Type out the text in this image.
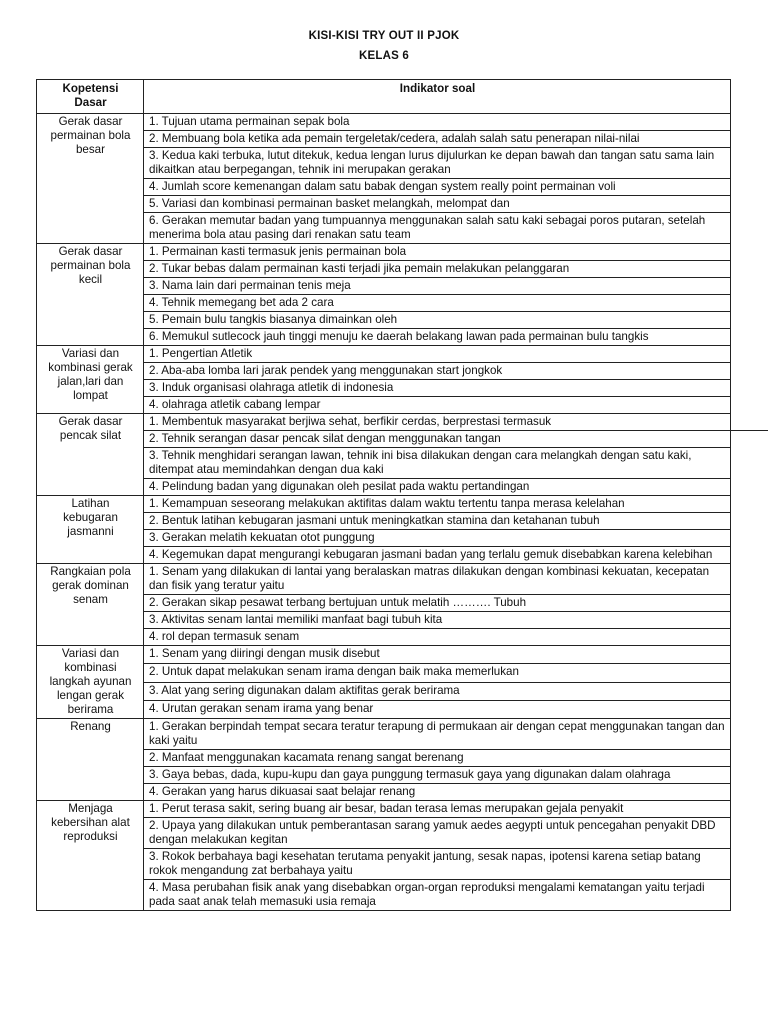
KISI-KISI TRY OUT II PJOK
KELAS 6
Kopetensi
Dasar	Indikator soal
Gerak dasar
permainan bola
besar	1. Tujuan utama permainan sepak bola
	2. Membuang bola ketika ada pemain tergeletak/cedera, adalah salah satu penerapan nilai-nilai
	3. Kedua kaki terbuka, lutut ditekuk, kedua lengan lurus dijulurkan ke depan bawah dan tangan satu sama lain dikaitkan atau berpegangan, tehnik ini merupakan gerakan
	4. Jumlah score kemenangan dalam satu babak dengan system really point permainan voli
	5. Variasi dan kombinasi permainan basket melangkah, melompat dan
	6. Gerakan memutar badan yang tumpuannya menggunakan salah satu kaki sebagai poros putaran, setelah menerima bola atau pasing dari renakan satu team
Gerak dasar
permainan bola
kecil	1. Permainan kasti termasuk jenis permainan bola
	2. Tukar bebas dalam permainan kasti terjadi jika pemain melakukan pelanggaran
	3. Nama lain dari permainan tenis meja
	4. Tehnik memegang bet ada 2 cara
	5. Pemain bulu tangkis biasanya dimainkan oleh
	6. Memukul sutlecock jauh tinggi menuju ke daerah belakang lawan pada permainan bulu tangkis
Variasi dan
kombinasi gerak
jalan,lari dan
lompat	1. Pengertian Atletik
	2. Aba-aba lomba lari jarak pendek yang menggunakan start jongkok
	3. Induk organisasi olahraga atletik di indonesia
	4. olahraga atletik cabang lempar
Gerak dasar
pencak silat	1. Membentuk masyarakat berjiwa sehat, berfikir cerdas, berprestasi termasuk
	2. Tehnik serangan dasar pencak silat dengan menggunakan tangan
	3. Tehnik menghidari serangan lawan, tehnik ini bisa dilakukan dengan cara melangkah dengan satu kaki, ditempat atau memindahkan dengan dua kaki
	4. Pelindung badan yang digunakan oleh pesilat pada waktu pertandingan
Latihan
kebugaran
jasmanni	1. Kemampuan seseorang melakukan aktifitas dalam waktu tertentu tanpa merasa kelelahan
	2. Bentuk latihan kebugaran jasmani untuk meningkatkan stamina dan ketahanan tubuh
	3. Gerakan melatih kekuatan otot punggung
	4. Kegemukan dapat mengurangi kebugaran jasmani badan yang terlalu gemuk disebabkan karena kelebihan
Rangkaian pola
gerak dominan
senam	1. Senam yang dilakukan di lantai yang beralaskan matras dilakukan dengan kombinasi kekuatan, kecepatan dan fisik yang teratur yaitu
	2. Gerakan sikap pesawat terbang bertujuan untuk melatih ………. Tubuh
	3. Aktivitas senam lantai memiliki manfaat bagi tubuh kita
	4. rol depan termasuk senam
Variasi dan
kombinasi
langkah ayunan
lengan gerak
berirama	1. Senam yang diiringi dengan musik disebut
	2. Untuk dapat melakukan senam irama dengan baik maka memerlukan
	3. Alat yang sering digunakan dalam aktifitas gerak berirama
	4. Urutan gerakan senam irama yang benar
Renang	1. Gerakan berpindah tempat secara teratur terapung di permukaan air dengan cepat menggunakan tangan dan kaki yaitu
	2. Manfaat menggunakan kacamata renang sangat berenang
	3. Gaya bebas, dada, kupu-kupu dan gaya punggung termasuk gaya yang digunakan dalam olahraga
	4. Gerakan yang harus dikuasai saat belajar renang
Menjaga
kebersihan alat
reproduksi	1. Perut terasa sakit, sering buang air besar, badan terasa lemas merupakan gejala penyakit
	2. Upaya yang dilakukan untuk pemberantasan sarang yamuk aedes aegypti untuk pencegahan penyakit DBD dengan melakukan kegitan
	3. Rokok berbahaya bagi kesehatan terutama penyakit jantung, sesak napas, ipotensi karena setiap batang rokok mengandung zat berbahaya yaitu
	4. Masa perubahan fisik anak yang disebabkan organ-organ reproduksi mengalami kematangan yaitu terjadi pada saat anak telah memasuki usia remaja
